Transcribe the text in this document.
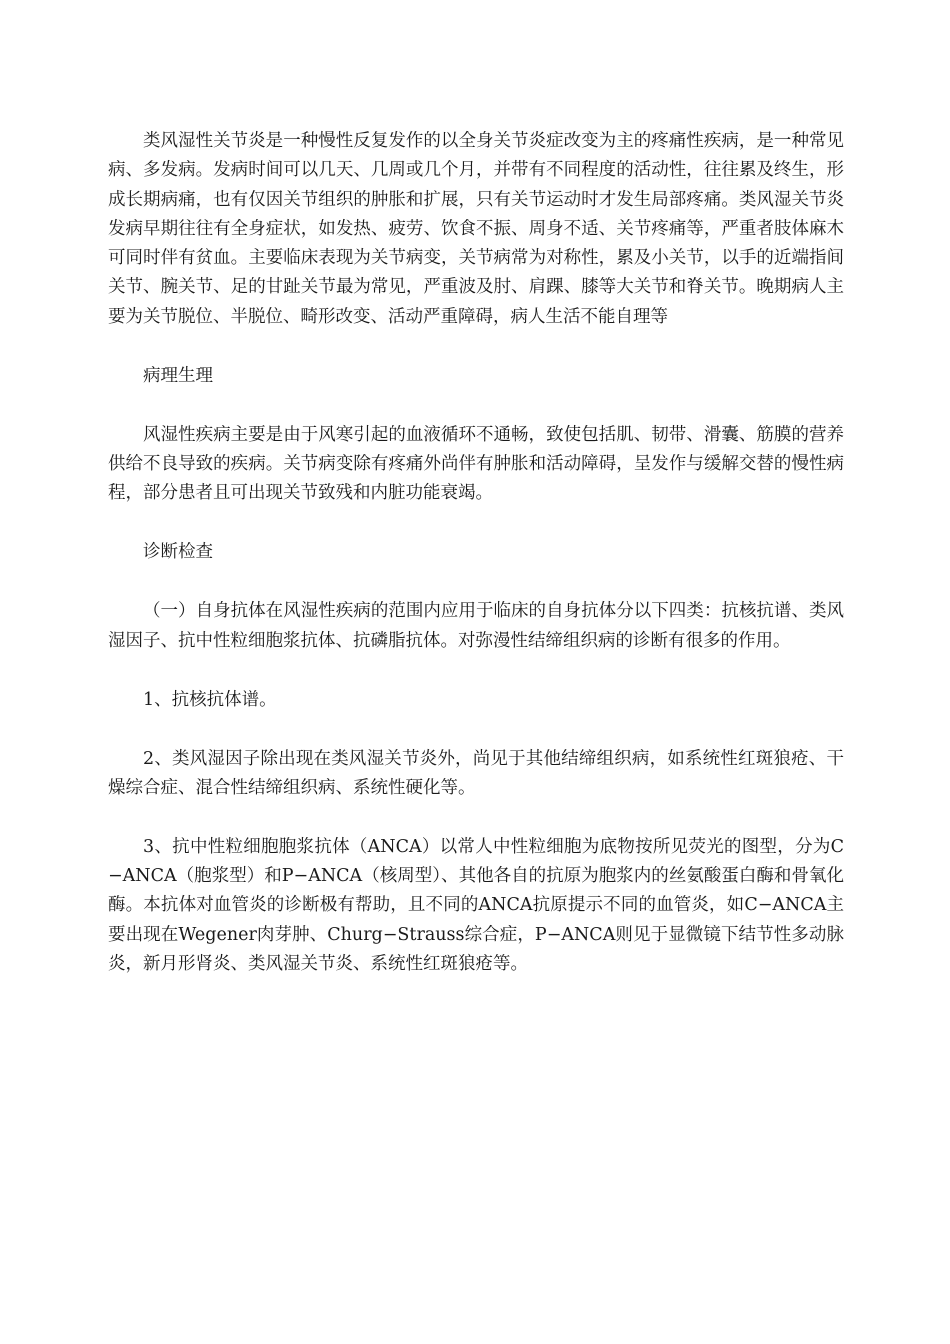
类风湿性关节炎是一种慢性反复发作的以全身关节炎症改变为主的疼痛性疾病，是一种常见病、多发病。发病时间可以几天、几周或几个月，并带有不同程度的活动性，往往累及终生，形成长期病痛，也有仅因关节组织的肿胀和扩展，只有关节运动时才发生局部疼痛。类风湿关节炎发病早期往往有全身症状，如发热、疲劳、饮食不振、周身不适、关节疼痛等，严重者肢体麻木可同时伴有贫血。主要临床表现为关节病变，关节病常为对称性，累及小关节，以手的近端指间关节、腕关节、足的甘趾关节最为常见，严重波及肘、肩踝、膝等大关节和脊关节。晚期病人主要为关节脱位、半脱位、畸形改变、活动严重障碍，病人生活不能自理等

病理生理

风湿性疾病主要是由于风寒引起的血液循环不通畅，致使包括肌、韧带、滑囊、筋膜的营养供给不良导致的疾病。关节病变除有疼痛外尚伴有肿胀和活动障碍，呈发作与缓解交替的慢性病程，部分患者且可出现关节致残和内脏功能衰竭。

诊断检查

（一）自身抗体在风湿性疾病的范围内应用于临床的自身抗体分以下四类：抗核抗谱、类风湿因子、抗中性粒细胞浆抗体、抗磷脂抗体。对弥漫性结缔组织病的诊断有很多的作用。

1、抗核抗体谱。

2、类风湿因子除出现在类风湿关节炎外，尚见于其他结缔组织病，如系统性红斑狼疮、干燥综合症、混合性结缔组织病、系统性硬化等。

3、抗中性粒细胞胞浆抗体（ANCA）以常人中性粒细胞为底物按所见荧光的图型，分为C−ANCA（胞浆型）和P−ANCA（核周型）、其他各自的抗原为胞浆内的丝氨酸蛋白酶和骨氧化酶。本抗体对血管炎的诊断极有帮助，且不同的ANCA抗原提示不同的血管炎，如C−ANCA主要出现在Wegener肉芽肿、Churg−Strauss综合症，P−ANCA则见于显微镜下结节性多动脉炎，新月形肾炎、类风湿关节炎、系统性红斑狼疮等。
